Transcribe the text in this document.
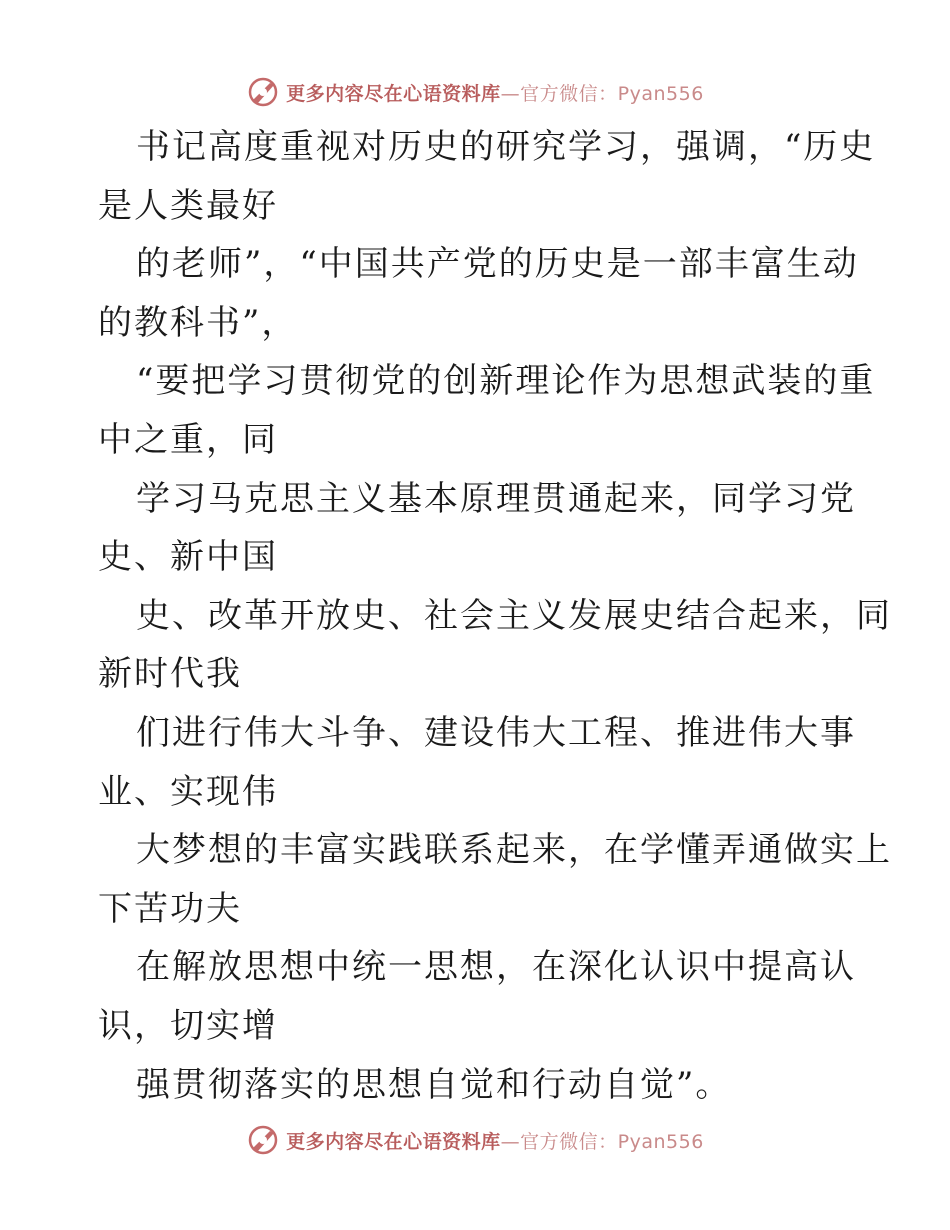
更多内容尽在心语资料库—官方微信：Pyan556
书记高度重视对历史的研究学习，强调，“历史
是人类最好
的老师”，“中国共产党的历史是一部丰富生动
的教科书”，
“要把学习贯彻党的创新理论作为思想武装的重
中之重，同
学习马克思主义基本原理贯通起来，同学习党
史、新中国
史、改革开放史、社会主义发展史结合起来，同
新时代我
们进行伟大斗争、建设伟大工程、推进伟大事
业、实现伟
大梦想的丰富实践联系起来，在学懂弄通做实上
下苦功夫
在解放思想中统一思想，在深化认识中提高认
识，切实增
强贯彻落实的思想自觉和行动自觉”。
更多内容尽在心语资料库—官方微信：Pyan556
